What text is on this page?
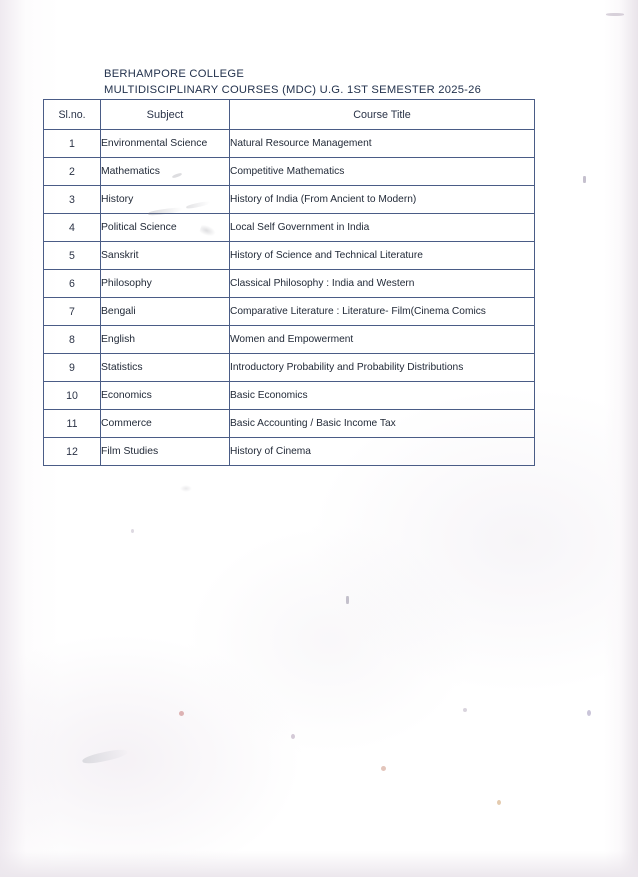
BERHAMPORE COLLEGE
MULTIDISCIPLINARY COURSES (MDC) U.G. 1ST SEMESTER 2025-26
Sl.no.	Subject	Course Title
1	Environmental Science	Natural Resource Management
2	Mathematics	Competitive Mathematics
3	History	History of India (From Ancient to Modern)
4	Political Science	Local Self Government in India
5	Sanskrit	History of Science and Technical Literature
6	Philosophy	Classical Philosophy : India and Western
7	Bengali	Comparative Literature : Literature- Film(Cinema Comics
8	English	Women and Empowerment
9	Statistics	Introductory Probability and Probability Distributions
10	Economics	Basic Economics
11	Commerce	Basic Accounting / Basic Income Tax
12	Film Studies	History of Cinema
